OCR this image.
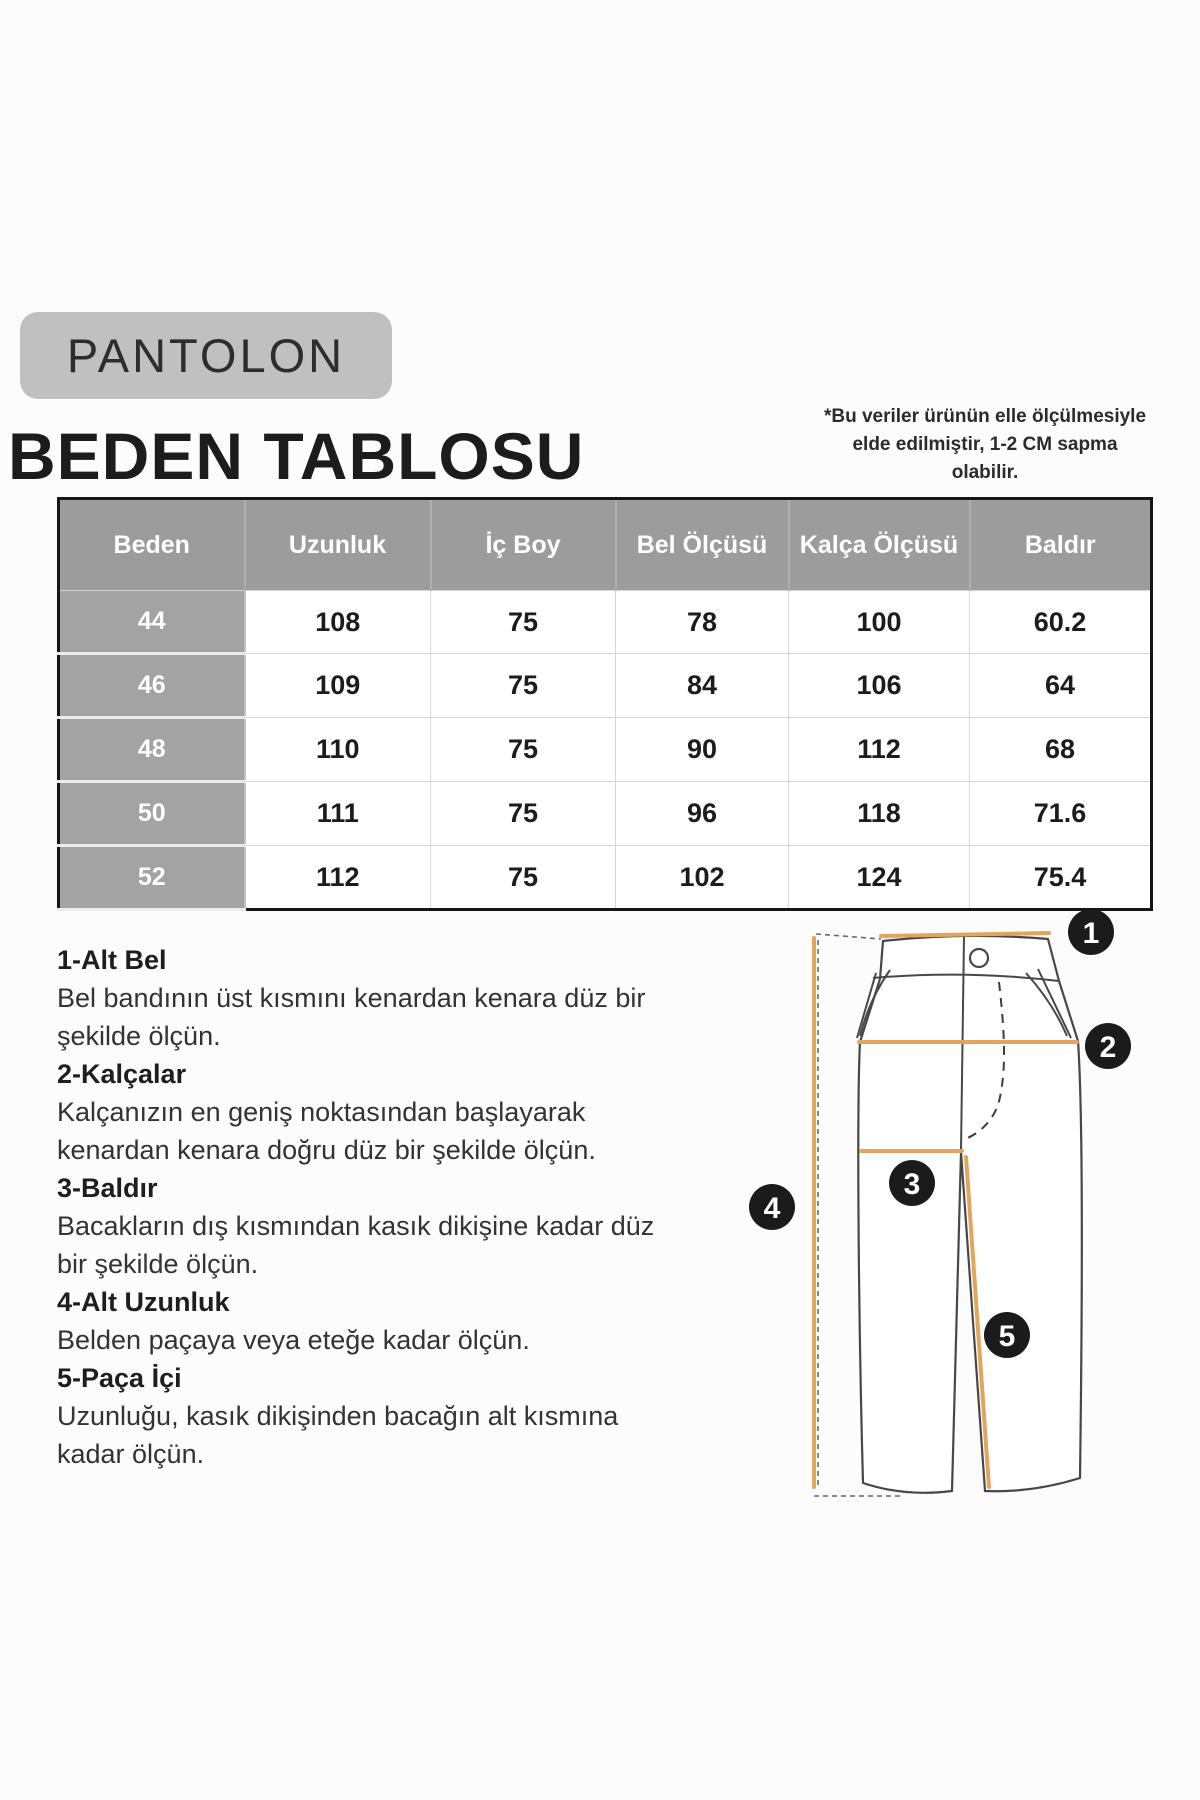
PANTOLON
BEDEN TABLOSU
*Bu veriler ürünün elle ölçülmesiyle
elde edilmiştir, 1-2 CM sapma
olabilir.
Beden	Uzunluk	İç Boy	Bel Ölçüsü	Kalça Ölçüsü	Baldır
44	108	75	78	100	60.2
46	109	75	84	106	64
48	110	75	90	112	68
50	111	75	96	118	71.6
52	112	75	102	124	75.4
1-Alt Bel
Bel bandının üst kısmını kenardan kenara düz bir şekilde ölçün.
2-Kalçalar
Kalçanızın en geniş noktasından başlayarak kenardan kenara doğru düz bir şekilde ölçün.
3-Baldır
Bacakların dış kısmından kasık dikişine kadar düz bir şekilde ölçün.
4-Alt Uzunluk
Belden paçaya veya eteğe kadar ölçün.
5-Paça İçi
Uzunluğu, kasık dikişinden bacağın alt kısmına kadar ölçün.
1
2
3
4
5
